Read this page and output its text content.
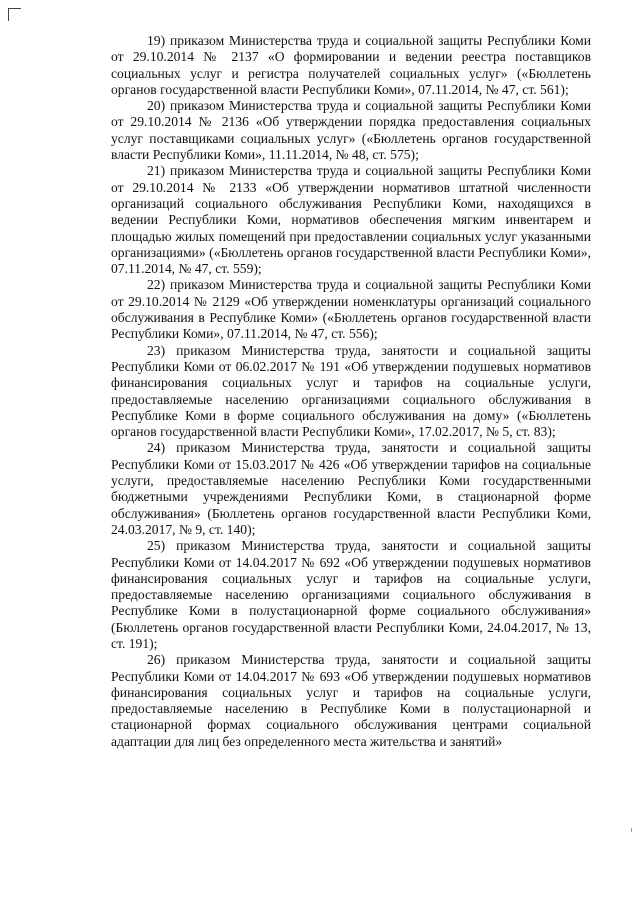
19) приказом Министерства труда и социальной защиты Республики Коми от 29.10.2014 № 2137 «О формировании и ведении реестра поставщиков социальных услуг и регистра получателей социальных услуг» («Бюллетень органов государственной власти Республики Коми», 07.11.2014, № 47, ст. 561);

20) приказом Министерства труда и социальной защиты Республики Коми от 29.10.2014 № 2136 «Об утверждении порядка предоставления социальных услуг поставщиками социальных услуг» («Бюллетень органов государственной власти Республики Коми», 11.11.2014, № 48, ст. 575);

21) приказом Министерства труда и социальной защиты Республики Коми от 29.10.2014 № 2133 «Об утверждении нормативов штатной численности организаций социального обслуживания Республики Коми, находящихся в ведении Республики Коми, нормативов обеспечения мягким инвентарем и площадью жилых помещений при предоставлении социальных услуг указанными организациями» («Бюллетень органов государственной власти Республики Коми», 07.11.2014, № 47, ст. 559);

22) приказом Министерства труда и социальной защиты Республики Коми от 29.10.2014 № 2129 «Об утверждении номенклатуры организаций социального обслуживания в Республике Коми» («Бюллетень органов государственной власти Республики Коми», 07.11.2014, № 47, ст. 556);

23) приказом Министерства труда, занятости и социальной защиты Республики Коми от 06.02.2017 № 191 «Об утверждении подушевых нормативов финансирования социальных услуг и тарифов на социальные услуги, предоставляемые населению организациями социального обслуживания в Республике Коми в форме социального обслуживания на дому» («Бюллетень органов государственной власти Республики Коми», 17.02.2017, № 5, ст. 83);

24) приказом Министерства труда, занятости и социальной защиты Республики Коми от 15.03.2017 № 426 «Об утверждении тарифов на социальные услуги, предоставляемые населению Республики Коми государственными бюджетными учреждениями Республики Коми, в стационарной форме обслуживания» (Бюллетень органов государственной власти Республики Коми, 24.03.2017, № 9, ст. 140);

25) приказом Министерства труда, занятости и социальной защиты Республики Коми от 14.04.2017 № 692 «Об утверждении подушевых нормативов финансирования социальных услуг и тарифов на социальные услуги, предоставляемые населению организациями социального обслуживания в Республике Коми в полустационарной форме социального обслуживания» (Бюллетень органов государственной власти Республики Коми, 24.04.2017, № 13, ст. 191);

26) приказом Министерства труда, занятости и социальной защиты Республики Коми от 14.04.2017 № 693 «Об утверждении подушевых нормативов финансирования социальных услуг и тарифов на социальные услуги, предоставляемые населению в Республике Коми в полустационарной и стационарной формах социального обслуживания центрами социальной адаптации для лиц без определенного места жительства и занятий»
